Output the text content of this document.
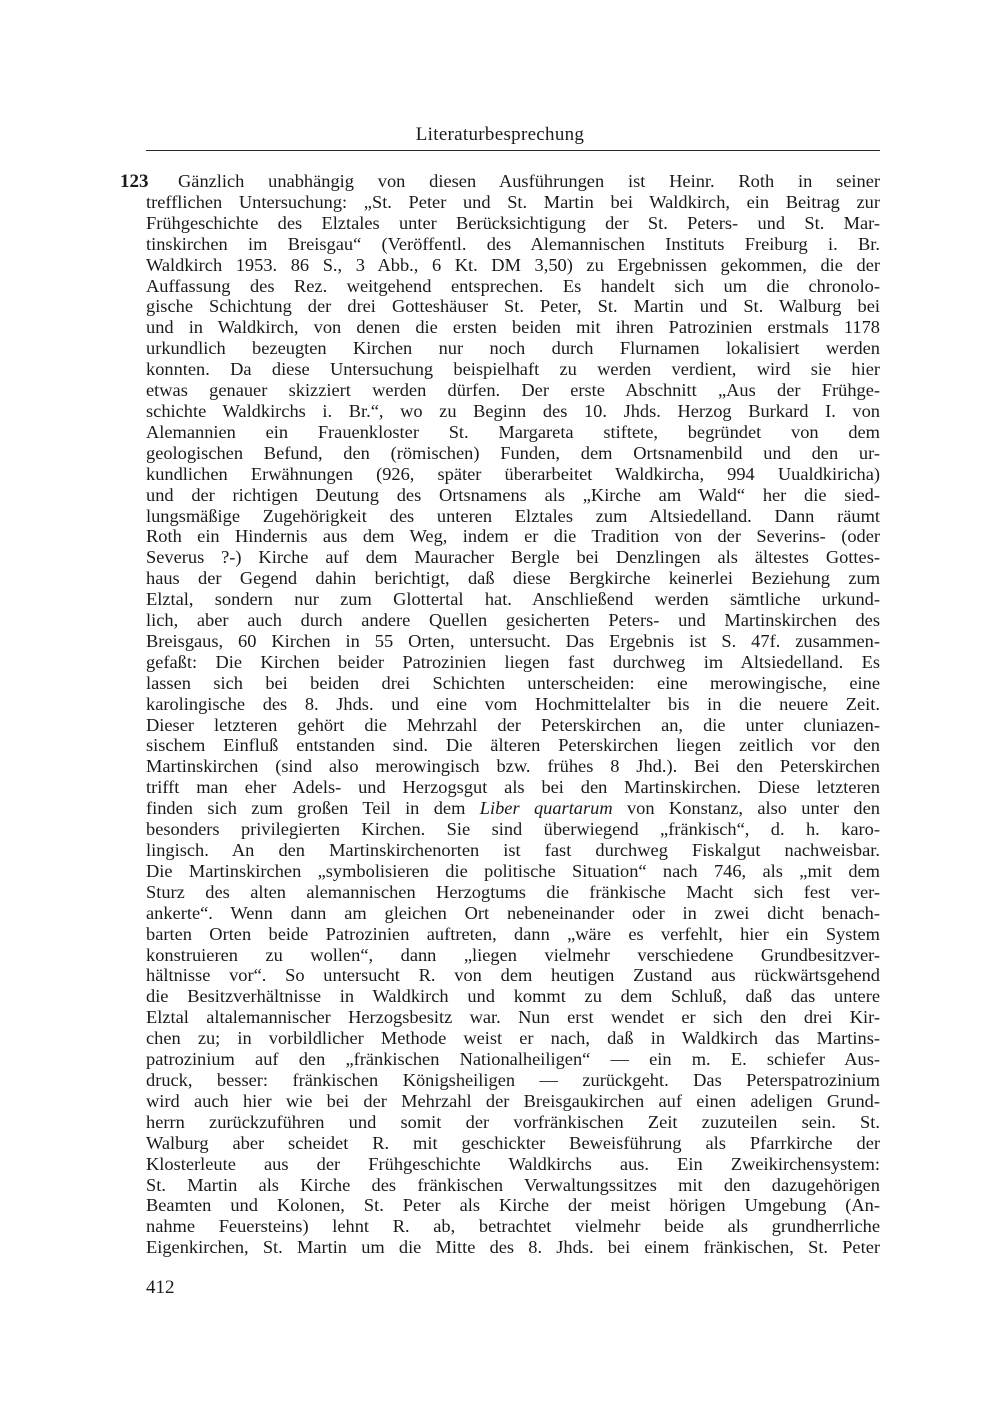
Literaturbesprechung
123	Gänzlich unabhängig von diesen Ausführungen ist Heinr. Roth in seiner
trefflichen Untersuchung: „St. Peter und St. Martin bei Waldkirch, ein Beitrag zur
Frühgeschichte des Elztales unter Berücksichtigung der St. Peters- und St. Mar-
tinskirchen im Breisgau“ (Veröffentl. des Alemannischen Instituts Freiburg i. Br.
Waldkirch 1953. 86 S., 3 Abb., 6 Kt. DM 3,50) zu Ergebnissen gekommen, die der
Auffassung des Rez. weitgehend entsprechen. Es handelt sich um die chronolo-
gische Schichtung der drei Gotteshäuser St. Peter, St. Martin und St. Walburg bei
und in Waldkirch, von denen die ersten beiden mit ihren Patrozinien erstmals 1178
urkundlich bezeugten Kirchen nur noch durch Flurnamen lokalisiert werden
konnten. Da diese Untersuchung beispielhaft zu werden verdient, wird sie hier
etwas genauer skizziert werden dürfen. Der erste Abschnitt „Aus der Frühge-
schichte Waldkirchs i. Br.“, wo zu Beginn des 10. Jhds. Herzog Burkard I. von
Alemannien ein Frauenkloster St. Margareta stiftete, begründet von dem
geologischen Befund, den (römischen) Funden, dem Ortsnamenbild und den ur-
kundlichen Erwähnungen (926, später überarbeitet Waldkircha, 994 Uualdkiricha)
und der richtigen Deutung des Ortsnamens als „Kirche am Wald“ her die sied-
lungsmäßige Zugehörigkeit des unteren Elztales zum Altsiedelland. Dann räumt
Roth ein Hindernis aus dem Weg, indem er die Tradition von der Severins- (oder
Severus ?-) Kirche auf dem Mauracher Bergle bei Denzlingen als ältestes Gottes-
haus der Gegend dahin berichtigt, daß diese Bergkirche keinerlei Beziehung zum
Elztal, sondern nur zum Glottertal hat. Anschließend werden sämtliche urkund-
lich, aber auch durch andere Quellen gesicherten Peters- und Martinskirchen des
Breisgaus, 60 Kirchen in 55 Orten, untersucht. Das Ergebnis ist S. 47f. zusammen-
gefaßt: Die Kirchen beider Patrozinien liegen fast durchweg im Altsiedelland. Es
lassen sich bei beiden drei Schichten unterscheiden: eine merowingische, eine
karolingische des 8. Jhds. und eine vom Hochmittelalter bis in die neuere Zeit.
Dieser letzteren gehört die Mehrzahl der Peterskirchen an, die unter cluniazen-
sischem Einfluß entstanden sind. Die älteren Peterskirchen liegen zeitlich vor den
Martinskirchen (sind also merowingisch bzw. frühes 8 Jhd.). Bei den Peterskirchen
trifft man eher Adels- und Herzogsgut als bei den Martinskirchen. Diese letzteren
finden sich zum großen Teil in dem Liber quartarum von Konstanz, also unter den
besonders privilegierten Kirchen. Sie sind überwiegend „fränkisch“, d. h. karo-
lingisch. An den Martinskirchenorten ist fast durchweg Fiskalgut nachweisbar.
Die Martinskirchen „symbolisieren die politische Situation“ nach 746, als „mit dem
Sturz des alten alemannischen Herzogtums die fränkische Macht sich fest ver-
ankerte“. Wenn dann am gleichen Ort nebeneinander oder in zwei dicht benach-
barten Orten beide Patrozinien auftreten, dann „wäre es verfehlt, hier ein System
konstruieren zu wollen“, dann „liegen vielmehr verschiedene Grundbesitzver-
hältnisse vor“. So untersucht R. von dem heutigen Zustand aus rückwärtsgehend
die Besitzverhältnisse in Waldkirch und kommt zu dem Schluß, daß das untere
Elztal altalemannischer Herzogsbesitz war. Nun erst wendet er sich den drei Kir-
chen zu; in vorbildlicher Methode weist er nach, daß in Waldkirch das Martins-
patrozinium auf den „fränkischen Nationalheiligen“ — ein m. E. schiefer Aus-
druck, besser: fränkischen Königsheiligen — zurückgeht. Das Peterspatrozinium
wird auch hier wie bei der Mehrzahl der Breisgaukirchen auf einen adeligen Grund-
herrn zurückzuführen und somit der vorfränkischen Zeit zuzuteilen sein. St.
Walburg aber scheidet R. mit geschickter Beweisführung als Pfarrkirche der
Klosterleute aus der Frühgeschichte Waldkirchs aus. Ein Zweikirchensystem:
St. Martin als Kirche des fränkischen Verwaltungssitzes mit den dazugehörigen
Beamten und Kolonen, St. Peter als Kirche der meist hörigen Umgebung (An-
nahme Feuersteins) lehnt R. ab, betrachtet vielmehr beide als grundherrliche
Eigenkirchen, St. Martin um die Mitte des 8. Jhds. bei einem fränkischen, St. Peter
412
